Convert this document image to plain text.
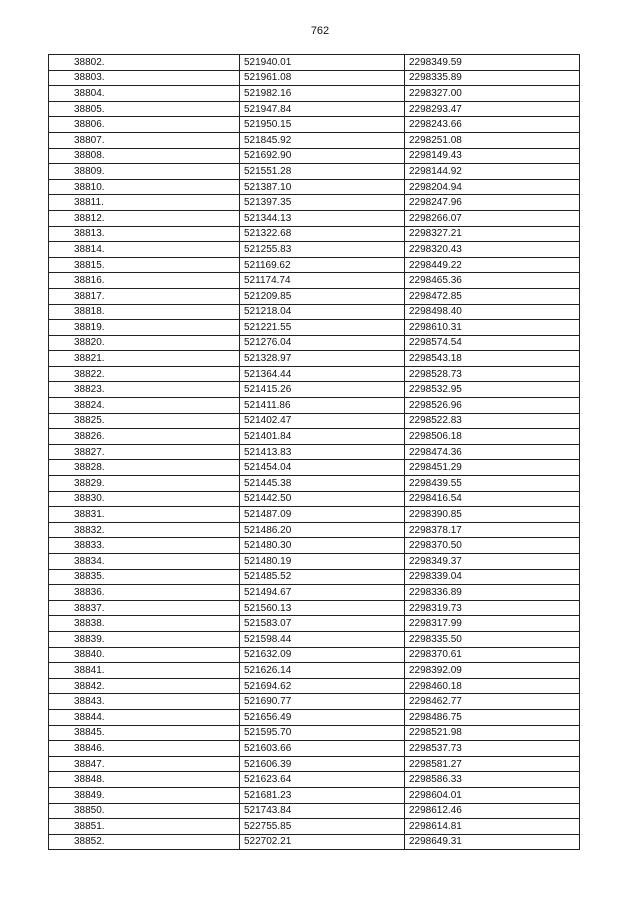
762
38802.	521940.01	2298349.59
38803.	521961.08	2298335.89
38804.	521982.16	2298327.00
38805.	521947.84	2298293.47
38806.	521950.15	2298243.66
38807.	521845.92	2298251.08
38808.	521692.90	2298149.43
38809.	521551.28	2298144.92
38810.	521387.10	2298204.94
38811.	521397.35	2298247.96
38812.	521344.13	2298266.07
38813.	521322.68	2298327.21
38814.	521255.83	2298320.43
38815.	521169.62	2298449.22
38816.	521174.74	2298465.36
38817.	521209.85	2298472.85
38818.	521218.04	2298498.40
38819.	521221.55	2298610.31
38820.	521276.04	2298574.54
38821.	521328.97	2298543.18
38822.	521364.44	2298528.73
38823.	521415.26	2298532.95
38824.	521411.86	2298526.96
38825.	521402.47	2298522.83
38826.	521401.84	2298506.18
38827.	521413.83	2298474.36
38828.	521454.04	2298451.29
38829.	521445.38	2298439.55
38830.	521442.50	2298416.54
38831.	521487.09	2298390.85
38832.	521486.20	2298378.17
38833.	521480.30	2298370.50
38834.	521480.19	2298349.37
38835.	521485.52	2298339.04
38836.	521494.67	2298336.89
38837.	521560.13	2298319.73
38838.	521583.07	2298317.99
38839.	521598.44	2298335.50
38840.	521632.09	2298370.61
38841.	521626.14	2298392.09
38842.	521694.62	2298460.18
38843.	521690.77	2298462.77
38844.	521656.49	2298486.75
38845.	521595.70	2298521.98
38846.	521603.66	2298537.73
38847.	521606.39	2298581.27
38848.	521623.64	2298586.33
38849.	521681.23	2298604.01
38850.	521743.84	2298612.46
38851.	522755.85	2298614.81
38852.	522702.21	2298649.31
